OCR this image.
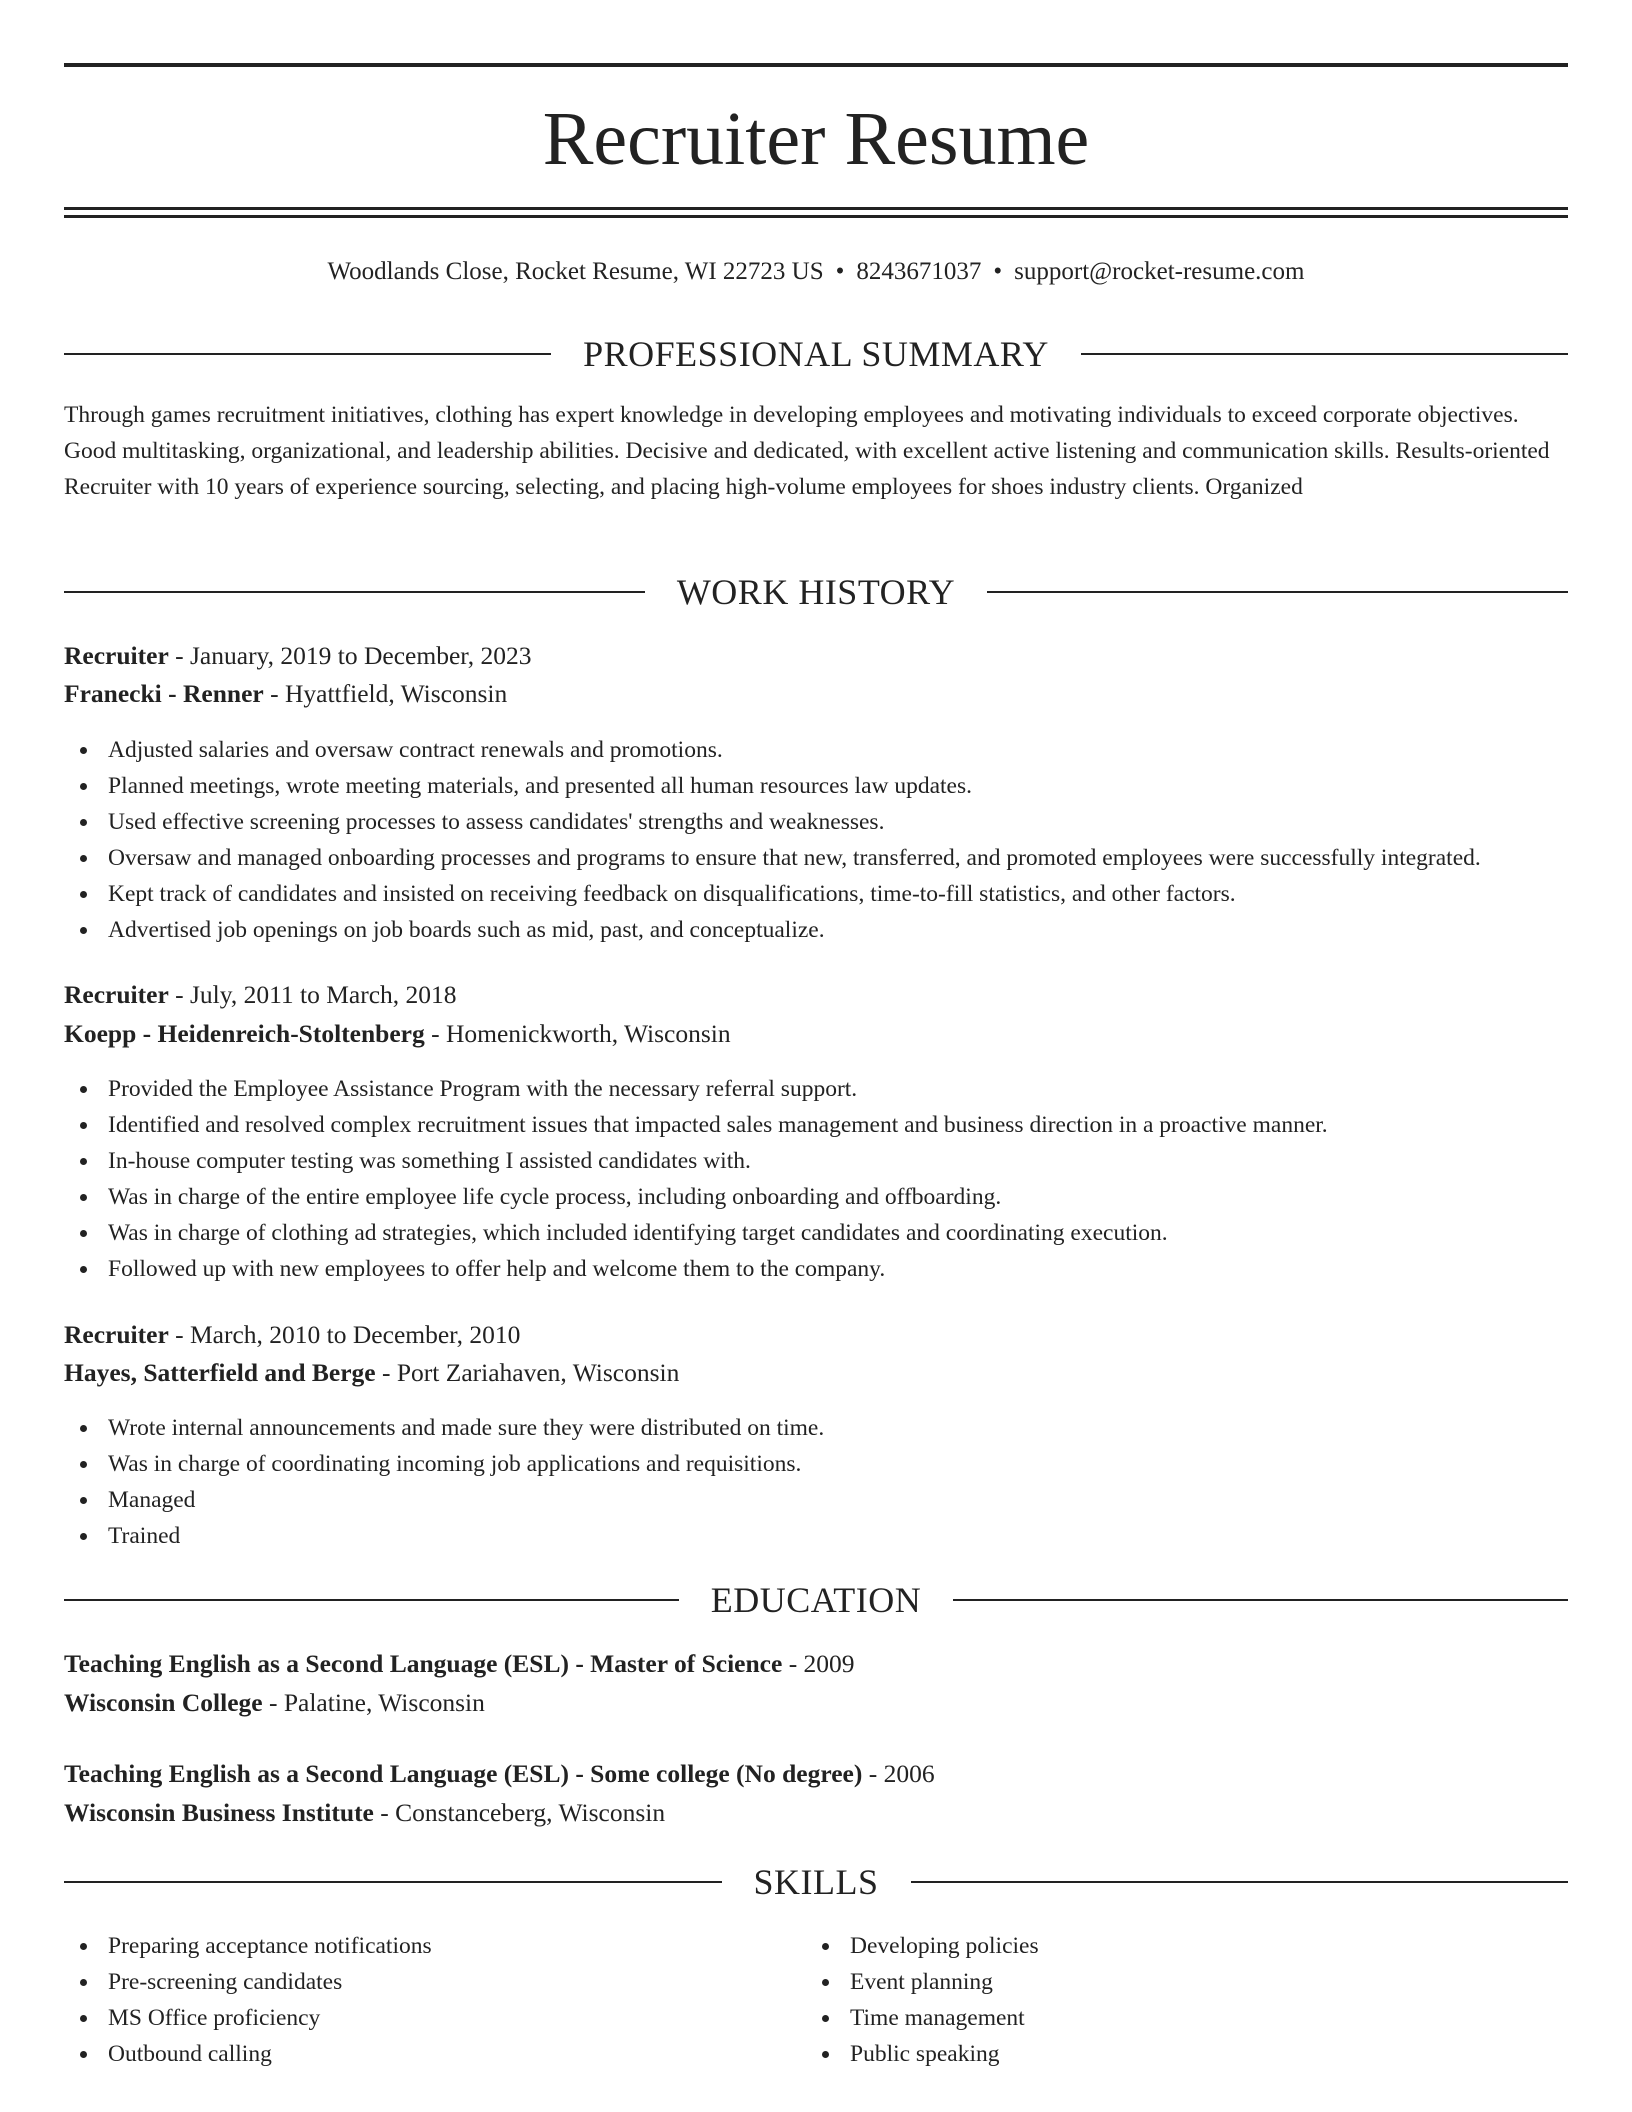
Recruiter Resume
Woodlands Close, Rocket Resume, WI 22723 US • 8243671037 • support@rocket-resume.com
PROFESSIONAL SUMMARY
Through games recruitment initiatives, clothing has expert knowledge in developing employees and motivating individuals to exceed corporate objectives. Good multitasking, organizational, and leadership abilities. Decisive and dedicated, with excellent active listening and communication skills. Results-oriented Recruiter with 10 years of experience sourcing, selecting, and placing high-volume employees for shoes industry clients. Organized
WORK HISTORY
Recruiter - January, 2019 to December, 2023
Franecki - Renner - Hyattfield, Wisconsin
Adjusted salaries and oversaw contract renewals and promotions.
Planned meetings, wrote meeting materials, and presented all human resources law updates.
Used effective screening processes to assess candidates' strengths and weaknesses.
Oversaw and managed onboarding processes and programs to ensure that new, transferred, and promoted employees were successfully integrated.
Kept track of candidates and insisted on receiving feedback on disqualifications, time-to-fill statistics, and other factors.
Advertised job openings on job boards such as mid, past, and conceptualize.
Recruiter - July, 2011 to March, 2018
Koepp - Heidenreich-Stoltenberg - Homenickworth, Wisconsin
Provided the Employee Assistance Program with the necessary referral support.
Identified and resolved complex recruitment issues that impacted sales management and business direction in a proactive manner.
In-house computer testing was something I assisted candidates with.
Was in charge of the entire employee life cycle process, including onboarding and offboarding.
Was in charge of clothing ad strategies, which included identifying target candidates and coordinating execution.
Followed up with new employees to offer help and welcome them to the company.
Recruiter - March, 2010 to December, 2010
Hayes, Satterfield and Berge - Port Zariahaven, Wisconsin
Wrote internal announcements and made sure they were distributed on time.
Was in charge of coordinating incoming job applications and requisitions.
Managed
Trained
EDUCATION
Teaching English as a Second Language (ESL) - Master of Science - 2009
Wisconsin College - Palatine, Wisconsin
Teaching English as a Second Language (ESL) - Some college (No degree) - 2006
Wisconsin Business Institute - Constanceberg, Wisconsin
SKILLS
Preparing acceptance notifications
Pre-screening candidates
MS Office proficiency
Outbound calling
Developing policies
Event planning
Time management
Public speaking
